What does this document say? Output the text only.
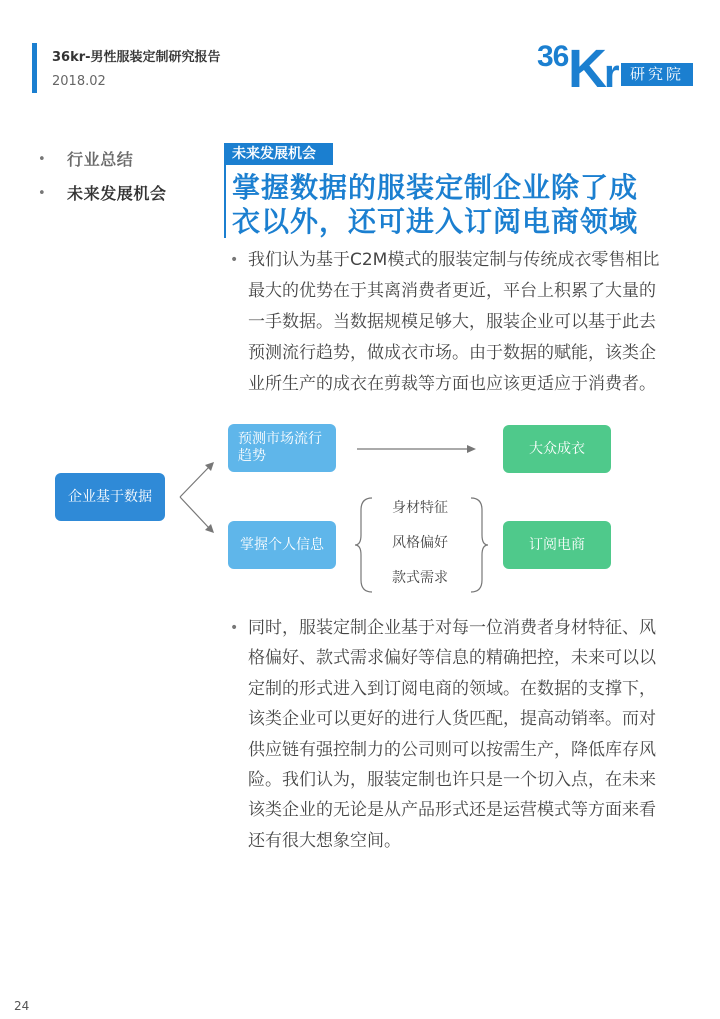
36kr-男性服装定制研究报告
2018.02
36 K
r 研究院
• 行业总结
• 未来发展机会
未来发展机会
掌握数据的服装定制企业除了成
衣以外，还可进入订阅电商领域
• 我们认为基于C2M模式的服装定制与传统成衣零售相比
最大的优势在于其离消费者更近，平台上积累了大量的
一手数据。当数据规模足够大，服装企业可以基于此去
预测流行趋势，做成衣市场。由于数据的赋能，该类企
业所生产的成衣在剪裁等方面也应该更适应于消费者。
企业基于数据
预测市场流行
趋势
掌握个人信息
大众成衣
订阅电商
身材特征
风格偏好
款式需求
• 同时，服装定制企业基于对每一位消费者身材特征、风
格偏好、款式需求偏好等信息的精确把控，未来可以以
定制的形式进入到订阅电商的领域。在数据的支撑下，
该类企业可以更好的进行人货匹配，提高动销率。而对
供应链有强控制力的公司则可以按需生产，降低库存风
险。我们认为，服装定制也许只是一个切入点，在未来
该类企业的无论是从产品形式还是运营模式等方面来看
还有很大想象空间。
24
